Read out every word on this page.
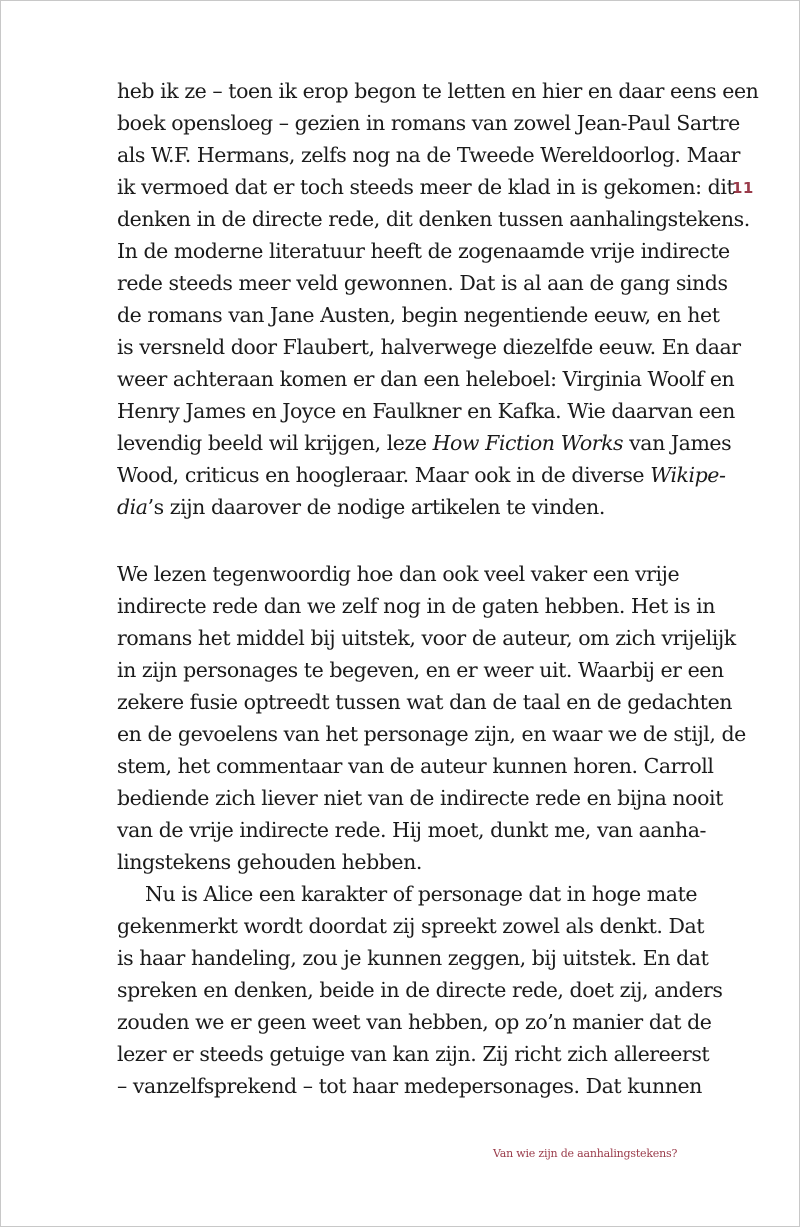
11
heb ik ze – toen ik erop begon te letten en hier en daar eens een
boek opensloeg – gezien in romans van zowel Jean-Paul Sartre
als W.F. Hermans, zelfs nog na de Tweede Wereldoorlog. Maar
ik vermoed dat er toch steeds meer de klad in is gekomen: dit
denken in de directe rede, dit denken tussen aanhalingstekens.
In de moderne literatuur heeft de zogenaamde vrije indirecte
rede steeds meer veld gewonnen. Dat is al aan de gang sinds
de romans van Jane Austen, begin negentiende eeuw, en het
is versneld door Flaubert, halverwege diezelfde eeuw. En daar
weer achteraan komen er dan een heleboel: Virginia Woolf en
Henry James en Joyce en Faulkner en Kafka. Wie daarvan een
levendig beeld wil krijgen, leze How Fiction Works van James
Wood, criticus en hoogleraar. Maar ook in de diverse Wikipe-
dia’s zijn daarover de nodige artikelen te vinden.
We lezen tegenwoordig hoe dan ook veel vaker een vrije
indirecte rede dan we zelf nog in de gaten hebben. Het is in
romans het middel bij uitstek, voor de auteur, om zich vrijelijk
in zijn personages te begeven, en er weer uit. Waarbij er een
zekere fusie optreedt tussen wat dan de taal en de gedachten
en de gevoelens van het personage zijn, en waar we de stijl, de
stem, het commentaar van de auteur kunnen horen. Carroll
bediende zich liever niet van de indirecte rede en bijna nooit
van de vrije indirecte rede. Hij moet, dunkt me, van aanha-
lingstekens gehouden hebben.
Nu is Alice een karakter of personage dat in hoge mate
gekenmerkt wordt doordat zij spreekt zowel als denkt. Dat
is haar handeling, zou je kunnen zeggen, bij uitstek. En dat
spreken en denken, beide in de directe rede, doet zij, anders
zouden we er geen weet van hebben, op zo’n manier dat de
lezer er steeds getuige van kan zijn. Zij richt zich allereerst
– vanzelfsprekend – tot haar medepersonages. Dat kunnen
Van wie zijn de aanhalingstekens?
